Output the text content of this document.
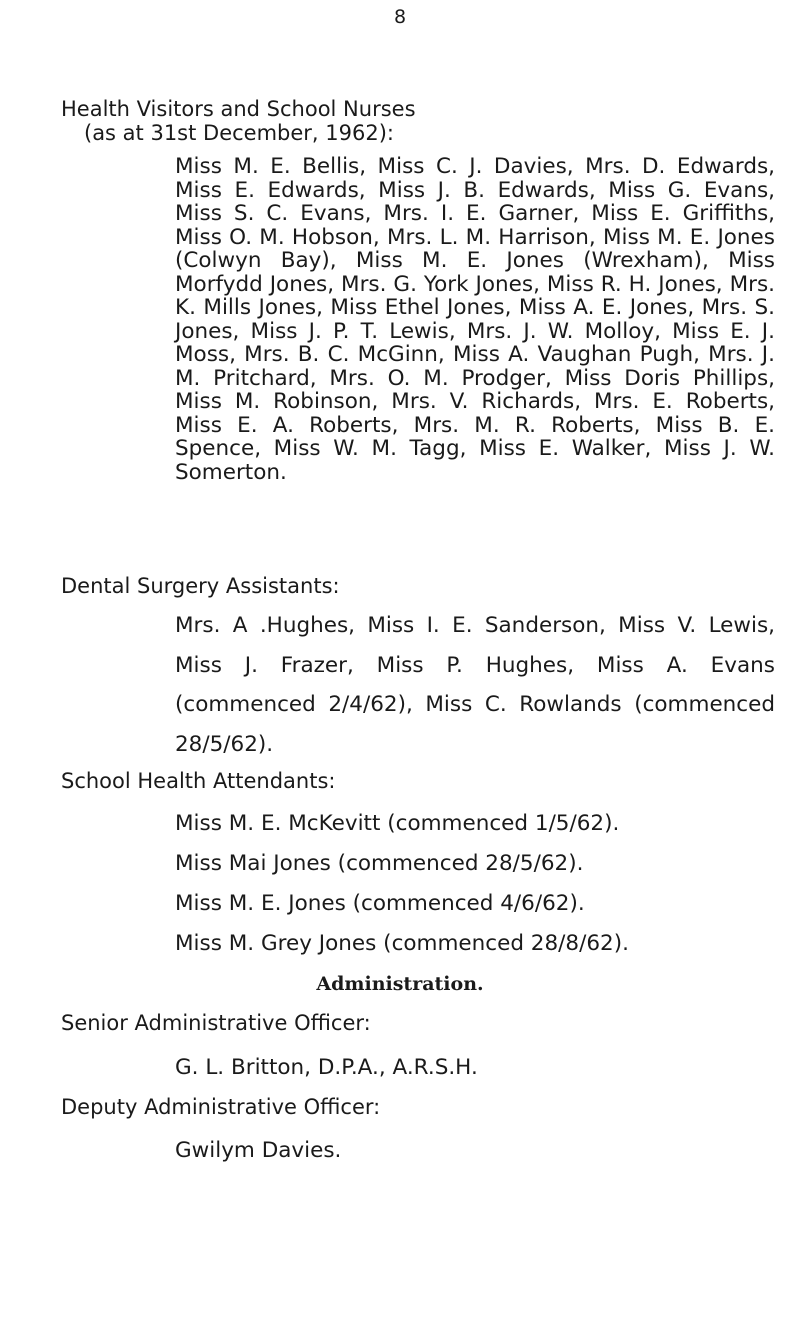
8
Health Visitors and School Nurses
(as at 31st December, 1962):
Miss M. E. Bellis, Miss C. J. Davies, Mrs. D. Edwards, Miss E. Edwards, Miss J. B. Edwards, Miss G. Evans, Miss S. C. Evans, Mrs. I. E. Garner, Miss E. Griffiths, Miss O. M. Hobson, Mrs. L. M. Harrison, Miss M. E. Jones (Colwyn Bay), Miss M. E. Jones (Wrexham), Miss Morfydd Jones, Mrs. G. York Jones, Miss R. H. Jones, Mrs. K. Mills Jones, Miss Ethel Jones, Miss A. E. Jones, Mrs. S. Jones, Miss J. P. T. Lewis, Mrs. J. W. Molloy, Miss E. J. Moss, Mrs. B. C. McGinn, Miss A. Vaughan Pugh, Mrs. J. M. Pritchard, Mrs. O. M. Prodger, Miss Doris Phillips, Miss M. Robinson, Mrs. V. Richards, Mrs. E. Roberts, Miss E. A. Roberts, Mrs. M. R. Roberts, Miss B. E. Spence, Miss W. M. Tagg, Miss E. Walker, Miss J. W. Somerton.
Dental Surgery Assistants:
Mrs. A .Hughes, Miss I. E. Sanderson, Miss V. Lewis, Miss J. Frazer, Miss P. Hughes, Miss A. Evans (commenced 2/4/62), Miss C. Rowlands (commenced 28/5/62).
School Health Attendants:
Miss M. E. McKevitt (commenced 1/5/62).
Miss Mai Jones (commenced 28/5/62).
Miss M. E. Jones (commenced 4/6/62).
Miss M. Grey Jones (commenced 28/8/62).
Administration.
Senior Administrative Officer:
G. L. Britton, D.P.A., A.R.S.H.
Deputy Administrative Officer:
Gwilym Davies.
